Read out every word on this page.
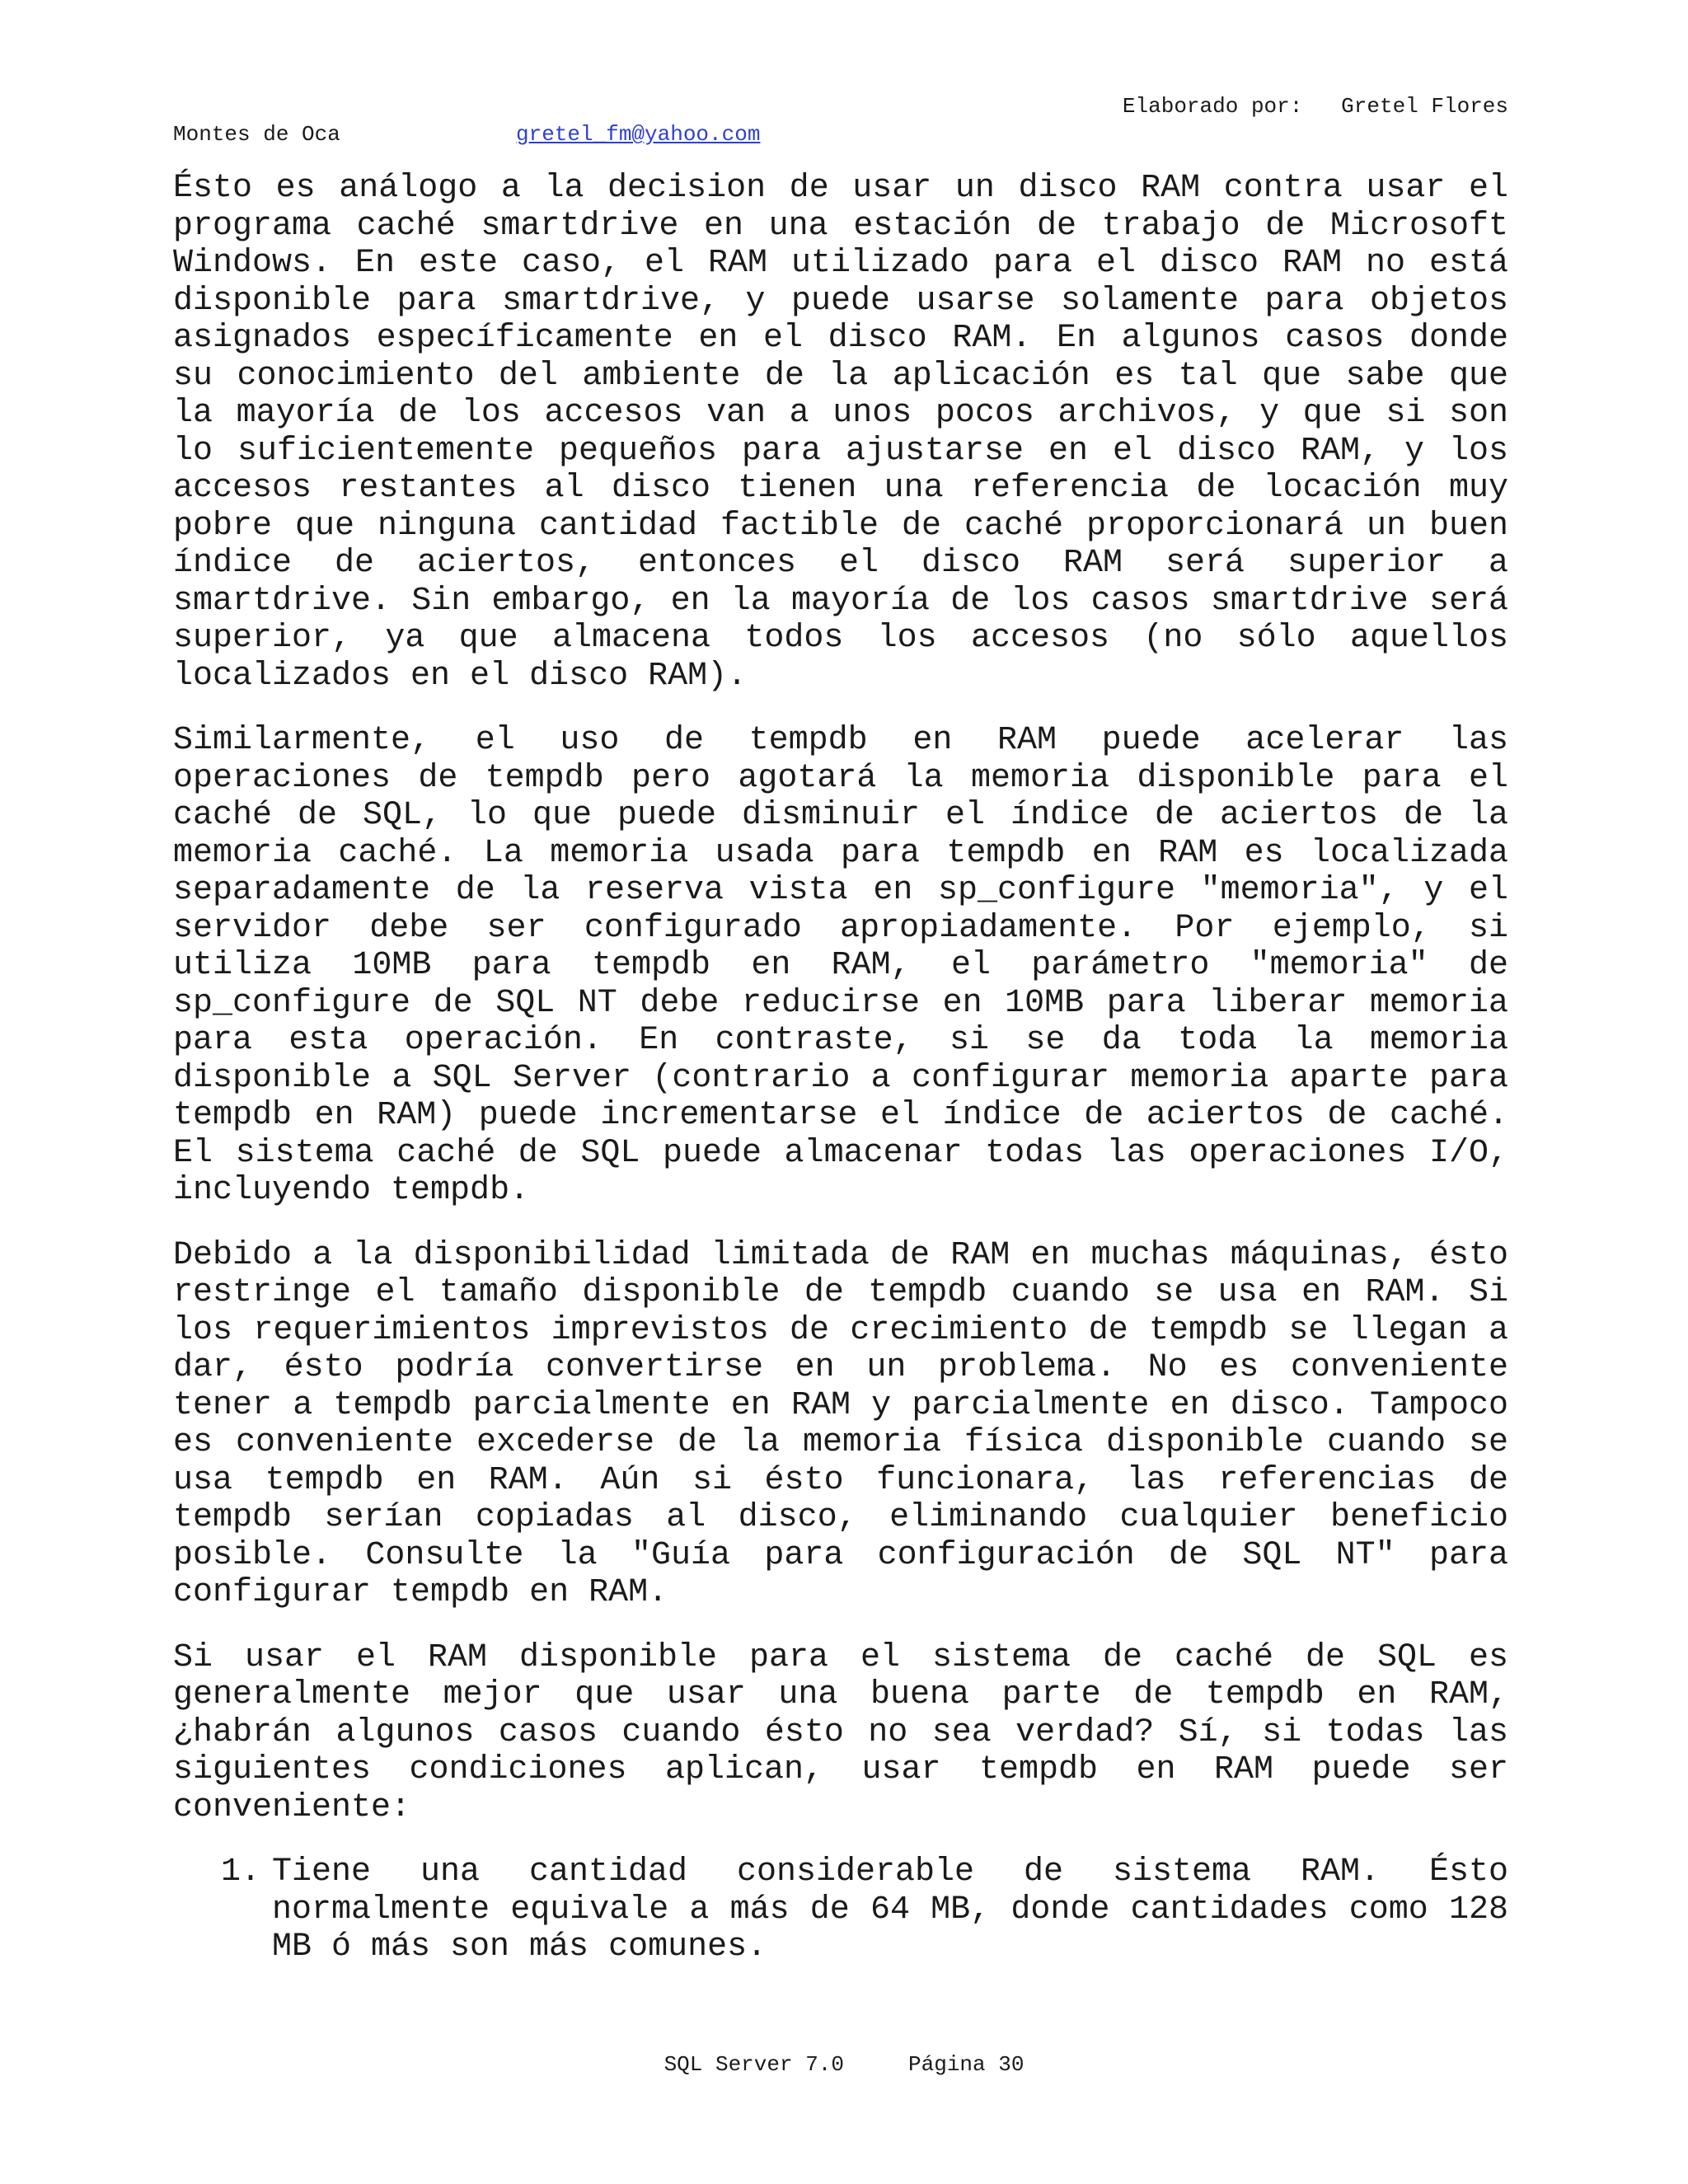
Elaborado por:   Gretel Flores
Montes de Oca	gretel_fm@yahoo.com

Ésto es análogo a la decision de usar un disco RAM contra usar el programa caché smartdrive en una estación de trabajo de Microsoft Windows. En este caso, el RAM utilizado para el disco RAM no está disponible para smartdrive, y puede usarse solamente para objetos asignados específicamente en el disco RAM. En algunos casos donde su conocimiento del ambiente de la aplicación es tal que sabe que la mayoría de los accesos van a unos pocos archivos, y que si son lo suficientemente pequeños para ajustarse en el disco RAM, y los accesos restantes al disco tienen una referencia de locación muy pobre que ninguna cantidad factible de caché proporcionará un buen índice de aciertos, entonces el disco RAM será superior a smartdrive. Sin embargo, en la mayoría de los casos smartdrive será superior, ya que almacena todos los accesos (no sólo aquellos localizados en el disco RAM).

Similarmente, el uso de tempdb en RAM puede acelerar las operaciones de tempdb pero agotará la memoria disponible para el caché de SQL, lo que puede disminuir el índice de aciertos de la memoria caché. La memoria usada para tempdb en RAM es localizada separadamente de la reserva vista en sp_configure "memoria", y el servidor debe ser configurado apropiadamente. Por ejemplo, si utiliza 10MB para tempdb en RAM, el parámetro "memoria" de sp_configure de SQL NT debe reducirse en 10MB para liberar memoria para esta operación. En contraste, si se da toda la memoria disponible a SQL Server (contrario a configurar memoria aparte para tempdb en RAM) puede incrementarse el índice de aciertos de caché. El sistema caché de SQL puede almacenar todas las operaciones I/O, incluyendo tempdb.

Debido a la disponibilidad limitada de RAM en muchas máquinas, ésto restringe el tamaño disponible de tempdb cuando se usa en RAM. Si los requerimientos imprevistos de crecimiento de tempdb se llegan a dar, ésto podría convertirse en un problema. No es conveniente tener a tempdb parcialmente en RAM y parcialmente en disco. Tampoco es conveniente excederse de la memoria física disponible cuando se usa tempdb en RAM. Aún si ésto funcionara, las referencias de tempdb serían copiadas al disco, eliminando cualquier beneficio posible. Consulte la "Guía para configuración de SQL NT" para configurar tempdb en RAM.

Si usar el RAM disponible para el sistema de caché de SQL es generalmente mejor que usar una buena parte de tempdb en RAM, ¿habrán algunos casos cuando ésto no sea verdad? Sí, si todas las siguientes condiciones aplican, usar tempdb en RAM puede ser conveniente:

1. Tiene una cantidad considerable de sistema RAM. Ésto normalmente equivale a más de 64 MB, donde cantidades como 128 MB ó más son más comunes.
SQL Server 7.0     Página 30
